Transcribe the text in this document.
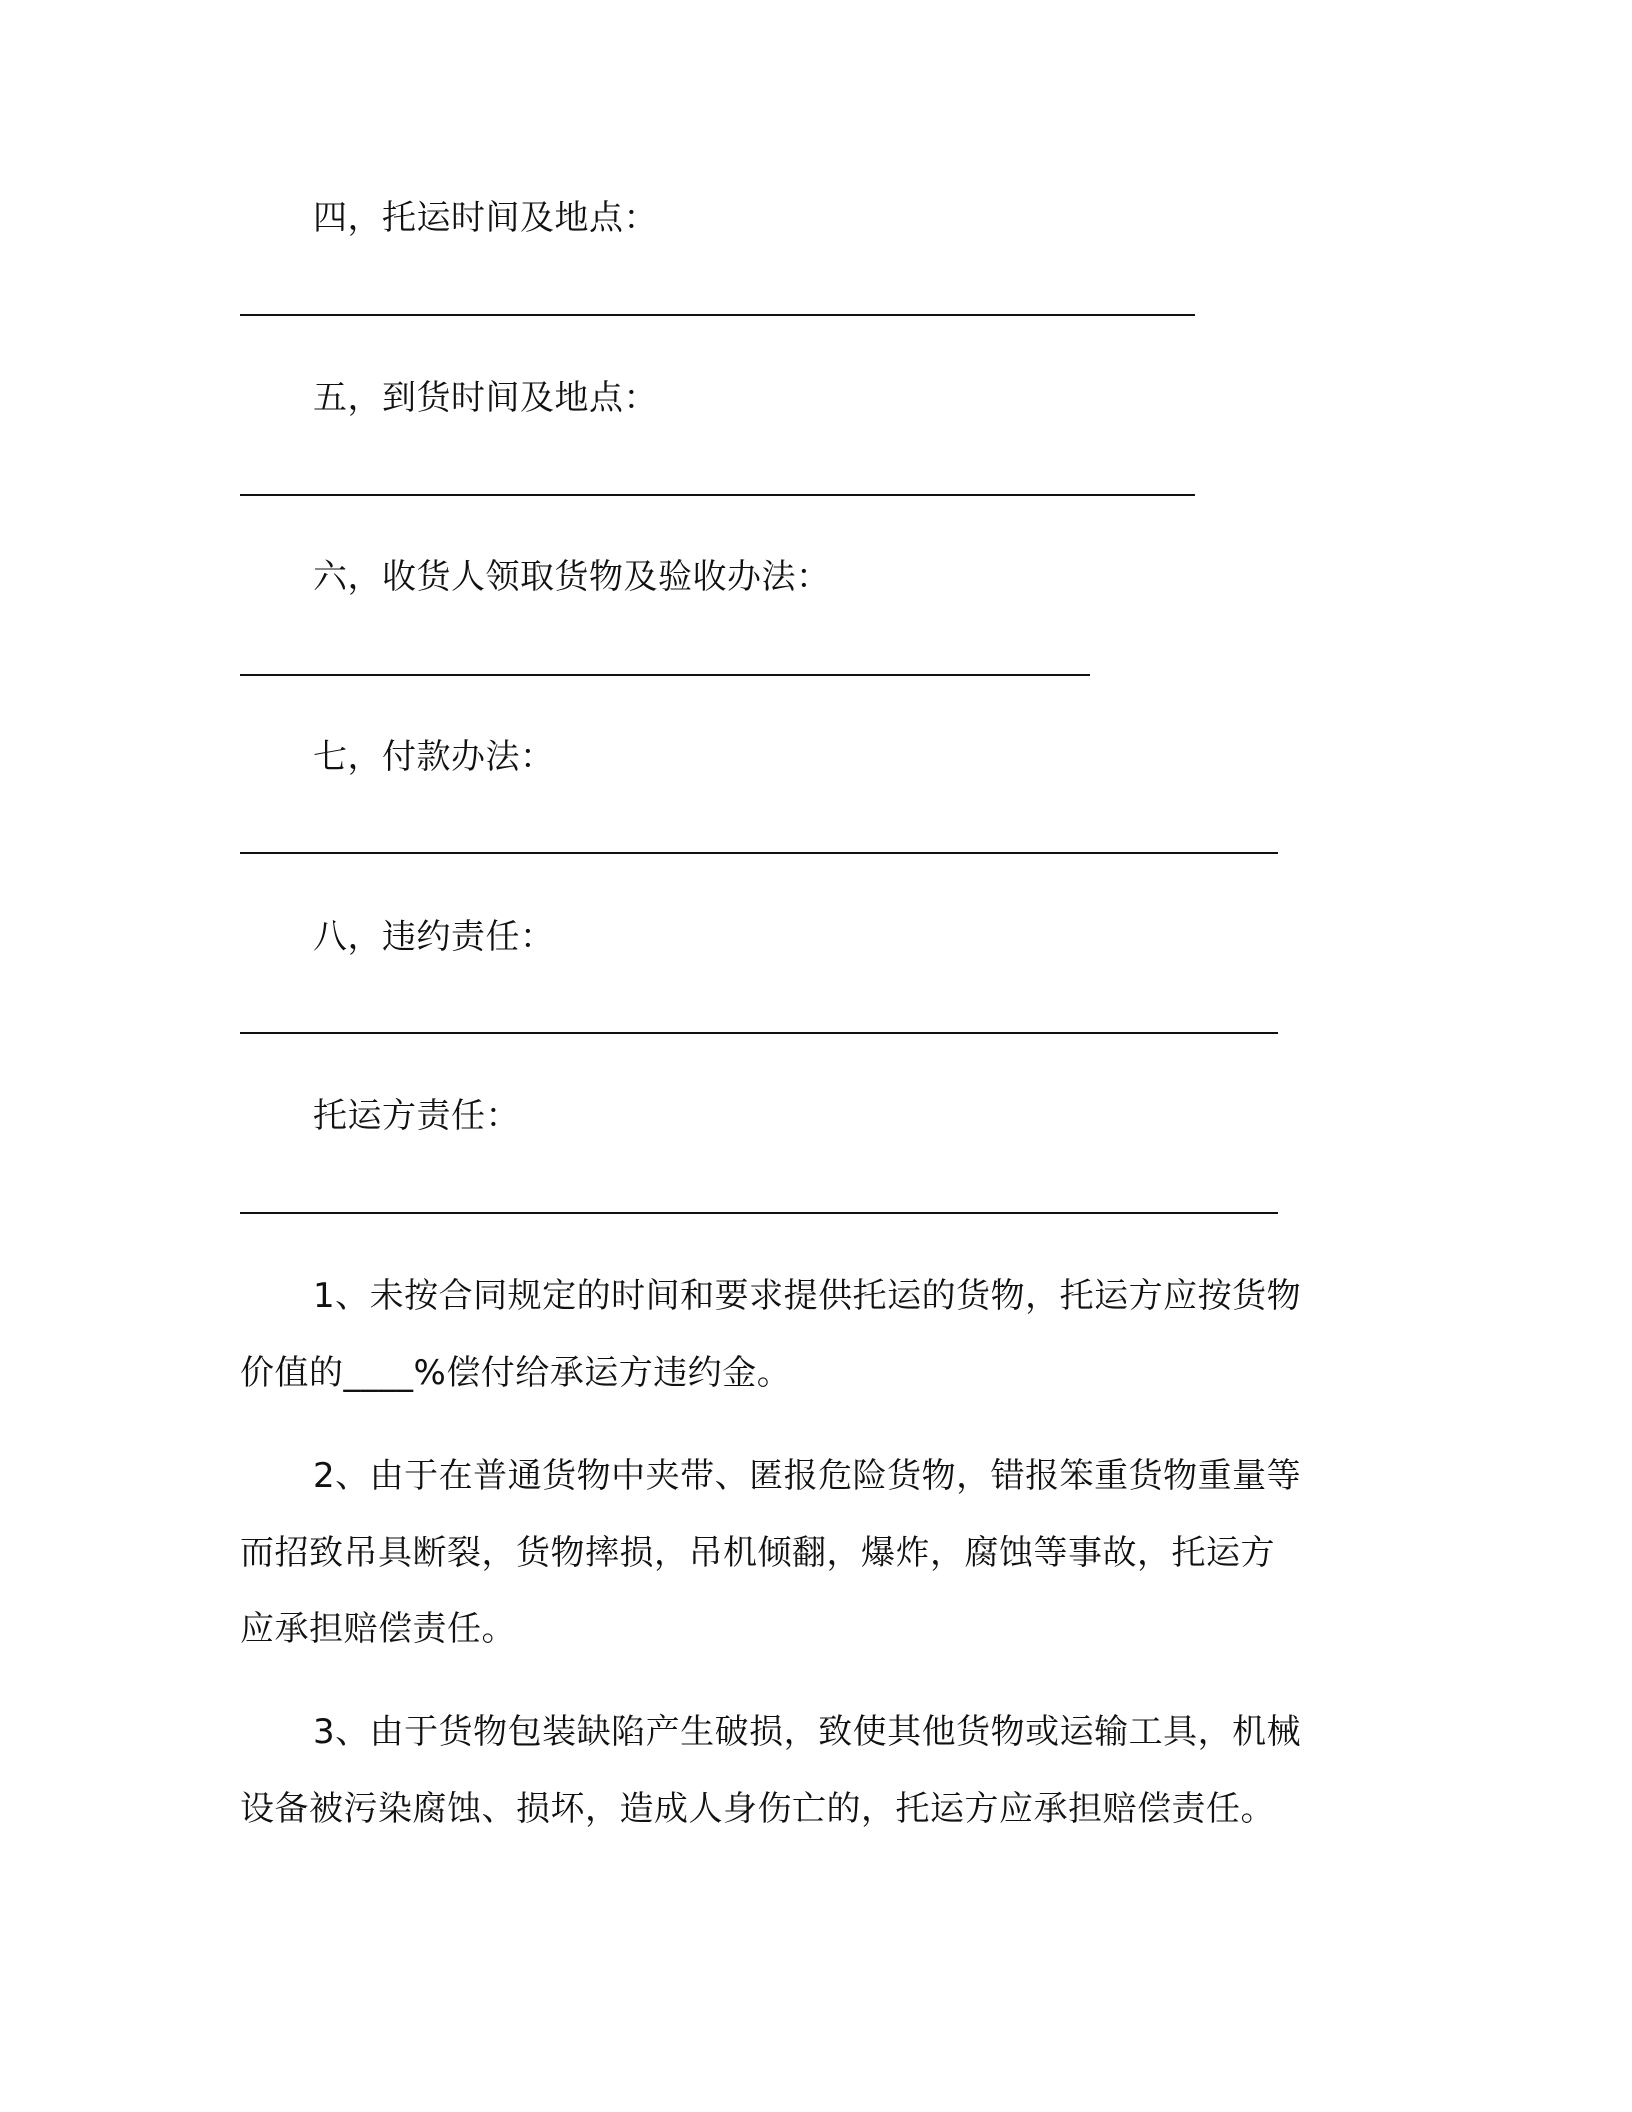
四，托运时间及地点：
五，到货时间及地点：
六，收货人领取货物及验收办法：
七，付款办法：
八，违约责任：
托运方责任：
1、未按合同规定的时间和要求提供托运的货物，托运方应按货物
价值的____%偿付给承运方违约金。
2、由于在普通货物中夹带、匿报危险货物，错报笨重货物重量等
而招致吊具断裂，货物摔损，吊机倾翻，爆炸，腐蚀等事故，托运方
应承担赔偿责任。
3、由于货物包装缺陷产生破损，致使其他货物或运输工具，机械
设备被污染腐蚀、损坏，造成人身伤亡的，托运方应承担赔偿责任。
